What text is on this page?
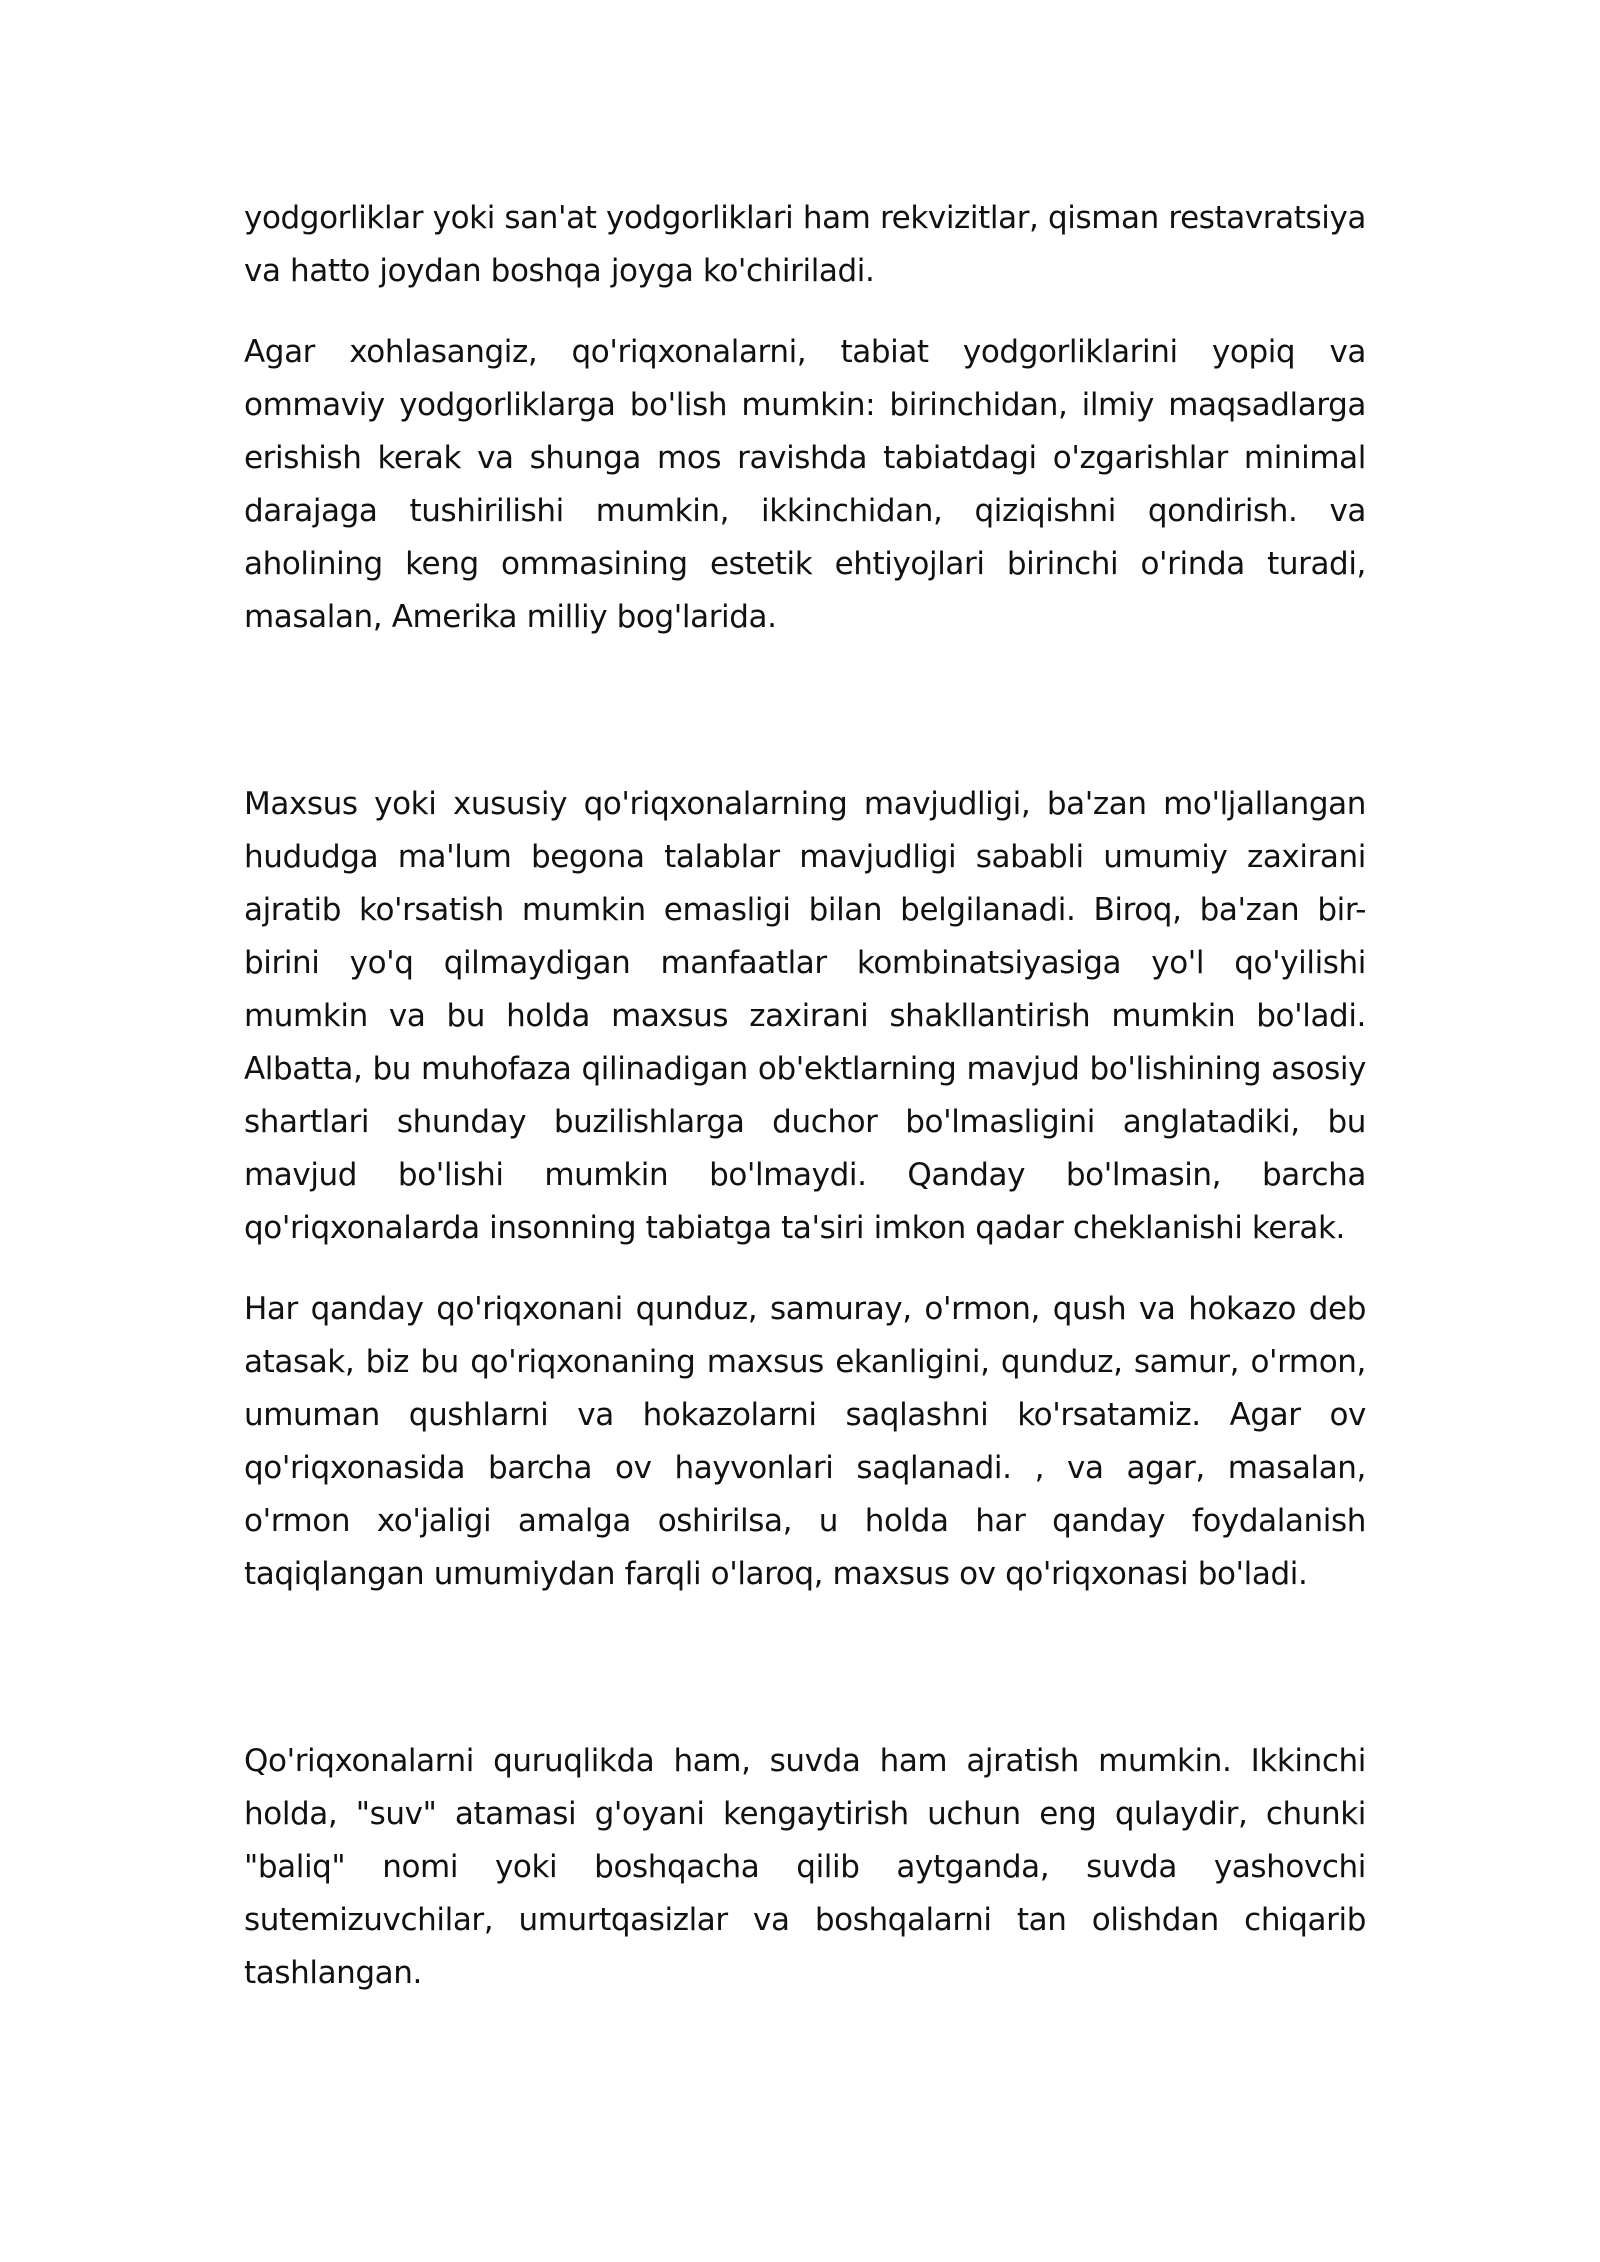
yodgorliklar yoki san'at yodgorliklari ham rekvizitlar, qisman restavratsiya va hatto joydan boshqa joyga ko'chiriladi.

Agar xohlasangiz, qo'riqxonalarni, tabiat yodgorliklarini yopiq va ommaviy yodgorliklarga bo'lish mumkin: birinchidan, ilmiy maqsadlarga erishish kerak va shunga mos ravishda tabiatdagi o'zgarishlar minimal darajaga tushirilishi mumkin, ikkinchidan, qiziqishni qondirish. va aholining keng ommasining estetik ehtiyojlari birinchi o'rinda turadi, masalan, Amerika milliy bog'larida.

Maxsus yoki xususiy qo'riqxonalarning mavjudligi, ba'zan mo'ljallangan hududga ma'lum begona talablar mavjudligi sababli umumiy zaxirani ajratib ko'rsatish mumkin emasligi bilan belgilanadi. Biroq, ba'zan bir-birini yo'q qilmaydigan manfaatlar kombinatsiyasiga yo'l qo'yilishi mumkin va bu holda maxsus zaxirani shakllantirish mumkin bo'ladi. Albatta, bu muhofaza qilinadigan ob'ektlarning mavjud bo'lishining asosiy shartlari shunday buzilishlarga duchor bo'lmasligini anglatadiki, bu mavjud bo'lishi mumkin bo'lmaydi. Qanday bo'lmasin, barcha qo'riqxonalarda insonning tabiatga ta'siri imkon qadar cheklanishi kerak.

Har qanday qo'riqxonani qunduz, samuray, o'rmon, qush va hokazo deb atasak, biz bu qo'riqxonaning maxsus ekanligini, qunduz, samur, o'rmon, umuman qushlarni va hokazolarni saqlashni ko'rsatamiz. Agar ov qo'riqxonasida barcha ov hayvonlari saqlanadi. , va agar, masalan, o'rmon xo'jaligi amalga oshirilsa, u holda har qanday foydalanish taqiqlangan umumiydan farqli o'laroq, maxsus ov qo'riqxonasi bo'ladi.

Qo'riqxonalarni quruqlikda ham, suvda ham ajratish mumkin. Ikkinchi holda, "suv" atamasi g'oyani kengaytirish uchun eng qulaydir, chunki "baliq" nomi yoki boshqacha qilib aytganda, suvda yashovchi sutemizuvchilar, umurtqasizlar va boshqalarni tan olishdan chiqarib tashlangan.
